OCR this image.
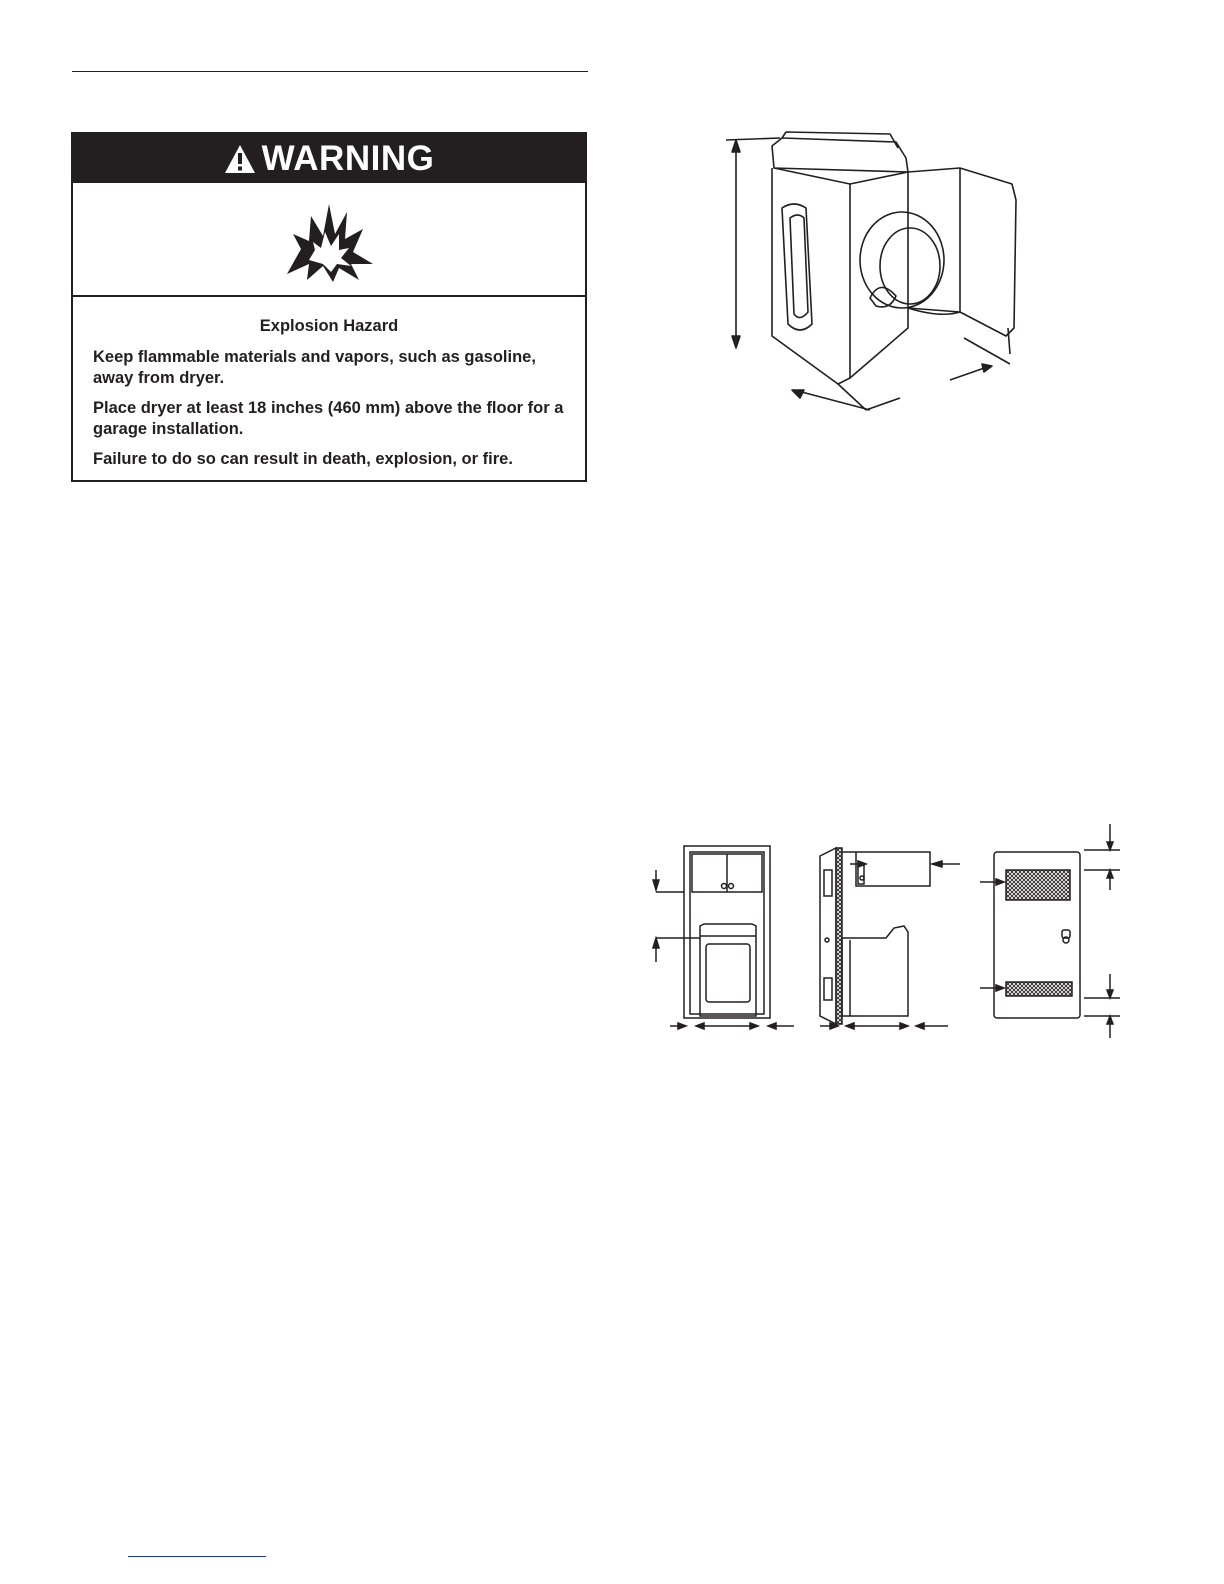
WARNING

Explosion Hazard

Keep flammable materials and vapors, such as gasoline, away from dryer.

Place dryer at least 18 inches (460 mm) above the floor for a garage installation.

Failure to do so can result in death, explosion, or fire.
